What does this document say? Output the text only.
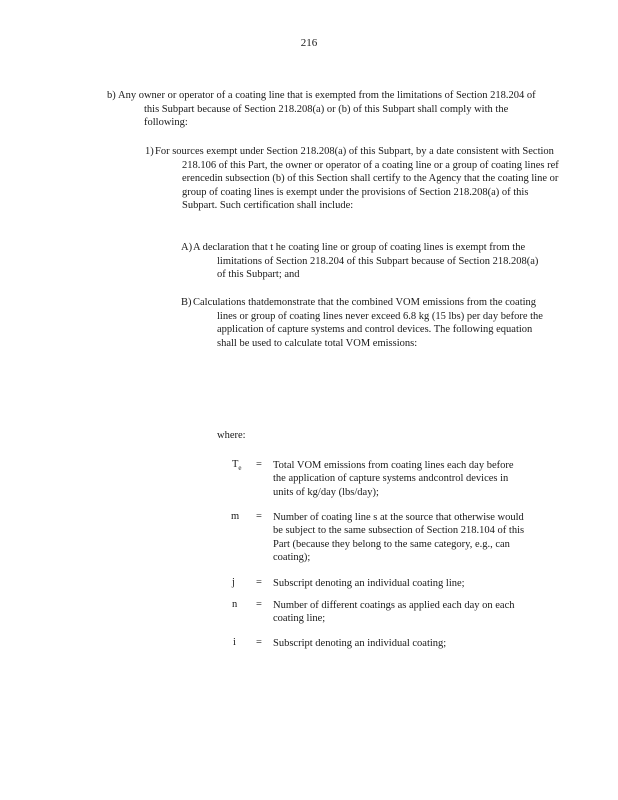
216
b) Any owner or operator of a coating line that is exempted from the limitations of Section 218.204 of this Subpart because of Section 218.208(a) or (b) of this Subpart shall comply with the following:
1) For sources exempt under Section 218.208(a) of this Subpart, by a date consistent with Section 218.106 of this Part, the owner or operator of a coating line or a group of coating lines ref erencedin subsection (b) of this Section shall certify to the Agency that the coating line or group of coating lines is exempt under the provisions of Section 218.208(a) of this Subpart. Such certification shall include:
A) A declaration that t he coating line or group of coating lines is exempt from the limitations of Section 218.204 of this Subpart because of Section 218.208(a) of this Subpart; and
B) Calculations thatdemonstrate that the combined VOM emissions from the coating lines or group of coating lines never exceed 6.8 kg (15 lbs) per day before the application of capture systems and control devices. The following equation shall be used to calculate total VOM emissions:
where:
$T_e$	= Total VOM emissions from coating lines each day before the application of capture systems andcontrol devices in units of kg/day (lbs/day);
m	= Number of coating line s at the source that otherwise would be subject to the same subsection of Section 218.104 of this Part (because they belong to the same category, e.g., can coating);
j	= Subscript denoting an individual coating line;
n	= Number of different coatings as applied each day on each coating line;
i	= Subscript denoting an individual coating;
